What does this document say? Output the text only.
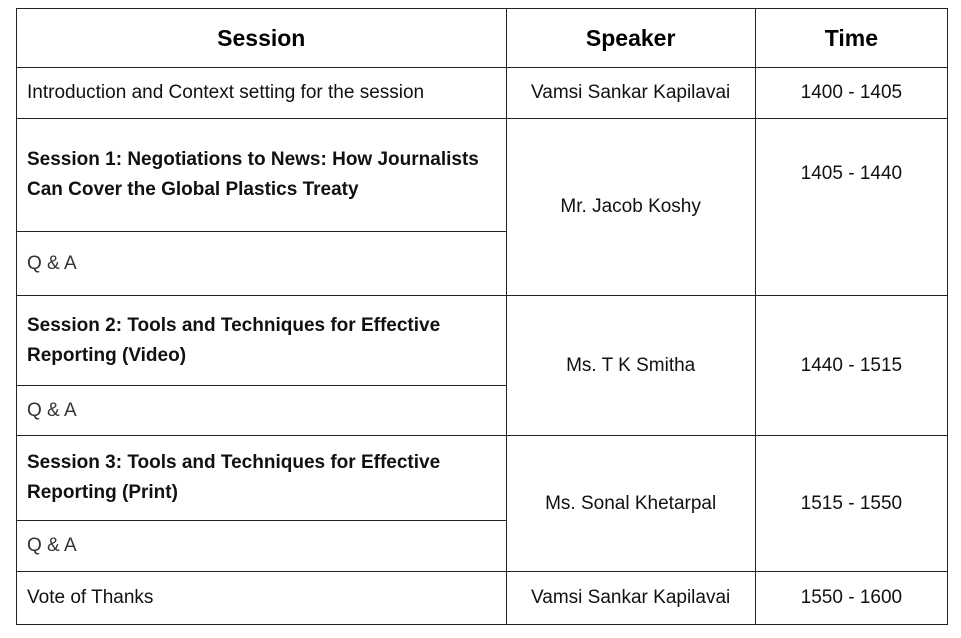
Session	Speaker	Time
Introduction and Context setting for the session	Vamsi Sankar Kapilavai	1400 - 1405
Session 1: Negotiations to News: How Journalists Can Cover the Global Plastics Treaty	Mr. Jacob Koshy	1405 - 1440
Q & A		
Session 2: Tools and Techniques for Effective Reporting (Video)	Ms. T K Smitha	1440 - 1515
Q & A		
Session 3: Tools and Techniques for Effective Reporting (Print)	Ms. Sonal Khetarpal	1515 - 1550
Q & A		
Vote of Thanks	Vamsi Sankar Kapilavai	1550 - 1600
